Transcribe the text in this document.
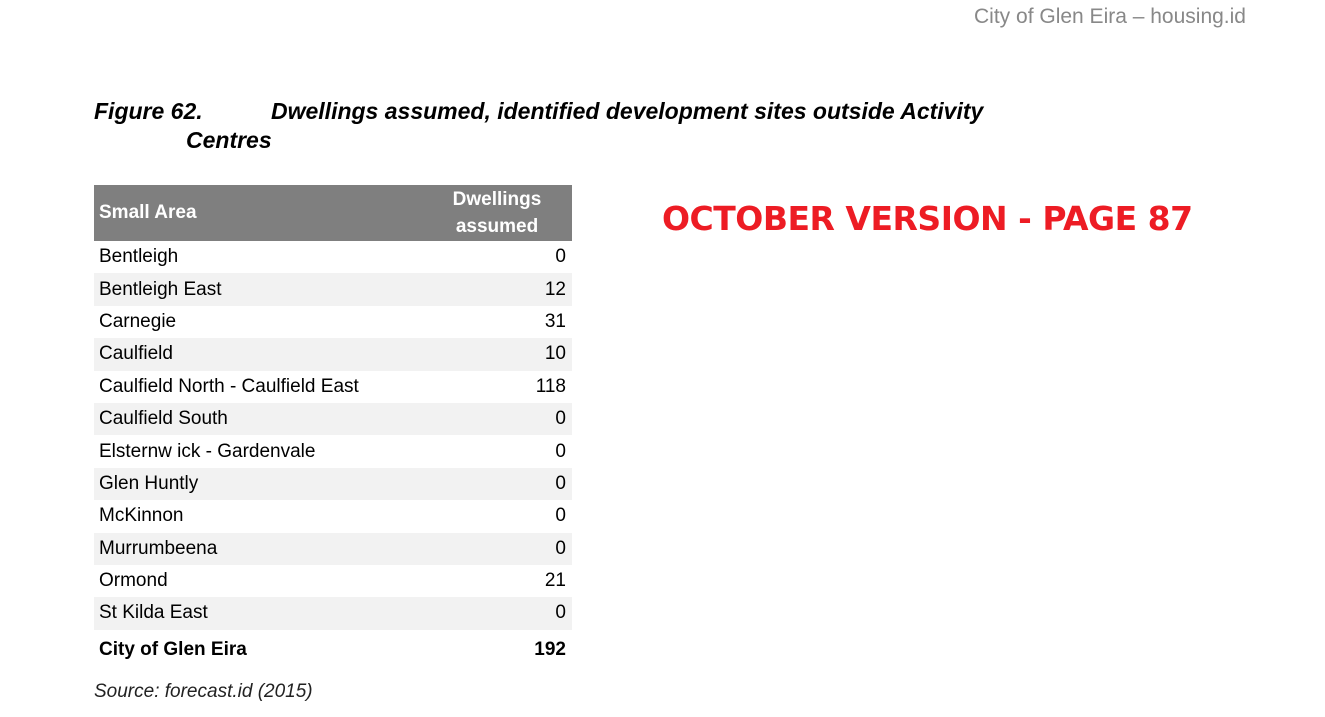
City of Glen Eira – housing.id
Figure 62.	Dwellings assumed, identified development sites outside Activity
Centres
Small Area	Dwellings assumed
Bentleigh	0
Bentleigh East	12
Carnegie	31
Caulfield	10
Caulfield North - Caulfield East	118
Caulfield South	0
Elsternw ick - Gardenvale	0
Glen Huntly	0
McKinnon	0
Murrumbeena	0
Ormond	21
St Kilda East	0
City of Glen Eira	192
OCTOBER VERSION - PAGE 87
Source: forecast.id (2015)
